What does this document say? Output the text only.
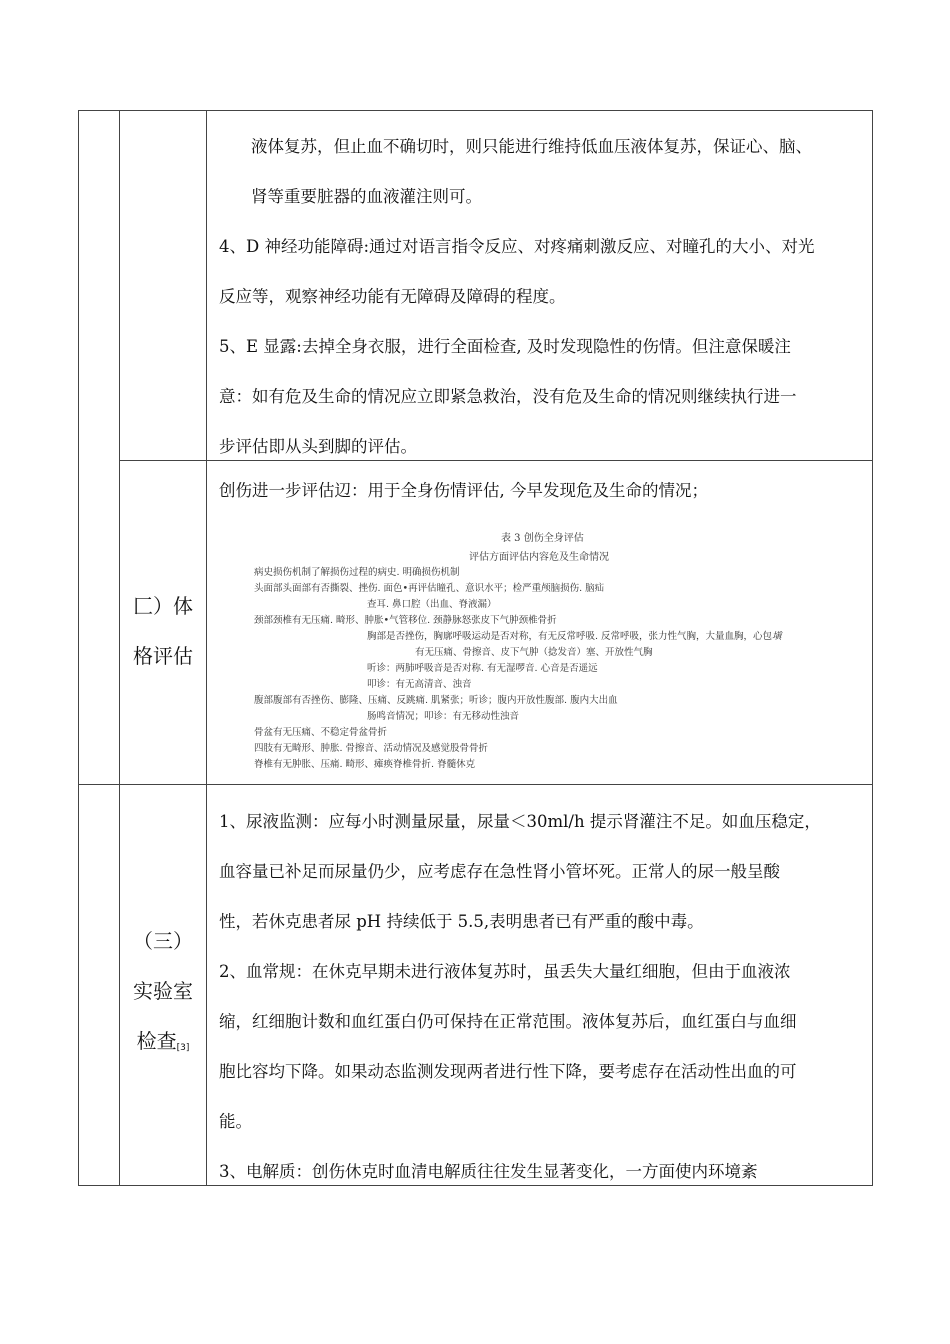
液体复苏，但止血不确切时，则只能进行维持低血压液体复苏，保证心、脑、
肾等重要脏器的血液灌注则可。
4、D 神经功能障碍:通过对语言指令反应、对疼痛刺激反应、对瞳孔的大小、对光
反应等，观察神经功能有无障碍及障碍的程度。
5、E 显露:去掉全身衣服，进行全面检查, 及时发现隐性的伤情。但注意保暖注
意：如有危及生命的情况应立即紧急救治，没有危及生命的情况则继续执行进一
步评估即从头到脚的评估。
匚）体
格评估
创伤进一步评估辺：用于全身伤情评估, 今早发现危及生命的情况；
表 3 创伤全身评估
评估方面评估内容危及生命情况
病史损伤机制了解损伤过程的病史. 明确损伤机制
头面部头面部有否撕裂、挫伤. 面色•再评估瞳孔、意识水平；检严重颅脑损伤. 脑疝
查耳. 鼻口腔（出血、脊液漏）
颈部颈椎有无压痛. 畸形、肿胀•气管移位. 颈静脉怒张皮下气肿颈椎骨折
胸部是否挫伤，胸廓呼吸运动是否对称，有无反常呼吸. 反常呼吸，张力性气胸，大量血胸，心包塡
有无压痛、骨擦音、皮下气肿（捻发音）塞、开放性气胸
听诊：两肺呼吸音是否对称. 有无湿啰音. 心音是否遥远
叩诊：有无高清音、浊音
腹部腹部有否挫伤、膨隆、压痛、反跳痛. 肌紧张；听诊；腹内开放性腹部. 腹内大出血
肠鸣音情况；叩诊：有无移动性浊音
骨盆有无压痛、不稳定骨盆骨折
四肢有无畸形、肿胀. 骨擦音、活动情况及感觉股骨骨折
脊椎有无肿胀、压痛. 畸形、瘫痪脊椎骨折. 脊髓休克
（三）
实验室
检查$_{[3]}$
1、尿液监测：应每小时测量尿量，尿量＜30ml/h 提示肾灌注不足。如血压稳定，
血容量已补足而尿量仍少，应考虑存在急性肾小管坏死。正常人的尿一般呈酸
性，若休克患者尿 pH 持续低于 5.5,表明患者已有严重的酸中毒。
2、血常规：在休克早期未进行液体复苏时，虽丢失大量红细胞，但由于血液浓
缩，红细胞计数和血红蛋白仍可保持在正常范围。液体复苏后，血红蛋白与血细
胞比容均下降。如果动态监测发现两者进行性下降，要考虑存在活动性出血的可
能。
3、电解质：创伤休克时血清电解质往往发生显著变化，一方面使内环境紊
